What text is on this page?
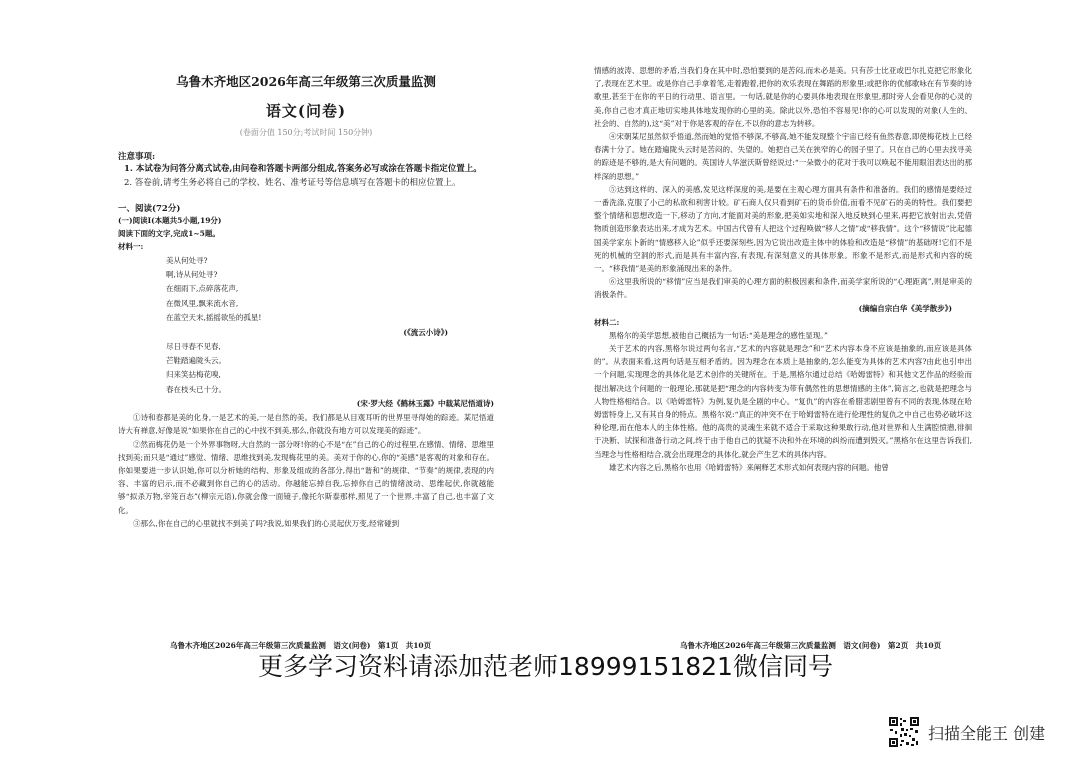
乌鲁木齐地区2026年高三年级第三次质量监测
语文(问卷)
(卷面分值 150分;考试时间 150分钟)
注意事项:
1. 本试卷为问答分离式试卷,由问卷和答题卡两部分组成,答案务必写或涂在答题卡指定位置上。
2. 答卷前,请考生务必将自己的学校、姓名、准考证号等信息填写在答题卡的相应位置上。
一、阅读(72分)
(一)阅读Ⅰ(本题共5小题,19分)
阅读下面的文字,完成1~5题。
材料一:
美从何处寻?
啊,诗从何处寻?
在细雨下,点碎落花声,
在微风里,飘来流水音,
在蓝空天末,摇摇欲坠的孤星!
(《流云小诗》)
尽日寻春不见春,
芒鞋踏遍陇头云。
归来笑拈梅花嗅,
春在枝头已十分。
(宋·罗大经《鹤林玉露》中载某尼悟道诗)

①诗和春都是美的化身,一是艺术的美,一是自然的美。我们都是从目观耳听的世界里寻得她的踪迹。某尼悟道诗大有禅意,好像是说“如果你在自己的心中找不到美,那么,你就没有地方可以发现美的踪迹”。

②然而梅花仍是一个外界事物呀,大自然的一部分呀!你的心不是“在”自己的心的过程里,在感情、情绪、思维里找到美;而只是“通过”感觉、情绪、思维找到美,发现梅花里的美。美对于你的心,你的“美感”是客观的对象和存在。你如果要进一步认识她,你可以分析她的结构、形象及组成的各部分,得出“谐和”的规律、“节奏”的规律,表现的内容、丰富的启示,而不必藏到你自己的心的活动。你越能忘掉自我,忘掉你自己的情绪波动、思维起伏,你就越能够“拟杀万物,宰笼百态”(柳宗元语),你就会像一面镜子,像托尔斯泰那样,照见了一个世界,丰富了自己,也丰富了文化。

③那么,你在自己的心里就找不到美了吗?我说,如果我们的心灵起伏万变,经常碰到

情感的波涛、思想的矛盾,当我们身在其中时,恐怕要到的是苦闷,而未必是美。只有莎士比亚或巴尔扎克把它形象化了,表现在艺术里。或是你自己手拿着笔,走着跑着,把你的欢乐表现在舞蹈的形象里;或把你的优郁歌咏在有节奏的诗歌里,甚至于在你的平日的行动里、语言里。一句话,就是你的心要具体地表现在形象里,那时旁人会看见你的心灵的美,你自己也才真正地切实地具体地发现你的心里的美。除此以外,恐怕不容易见!你的心可以发现的对象(人生的、社会的、自然的),这“美”对于你是客观的存在,不以你的意志为转移。

④宋朝某尼虽然似乎悟道,然而她的觉悟不够深,不够高,她不能发现整个宇宙已经有鱼然春意,即使梅花枝上已经春满十分了。她在踏遍陇头云时是苦闷的、失望的。她把自己关在狭窄的心的园子里了。只在自己的心里去找寻美的踪迹是不够的,是大有问题的。英国诗人华滋沃斯曾经说过:“一朵微小的花对于我可以唤起不能用眼泪表达出的那样深的思想。”

⑤达到这样的、深入的美感,发见这样深度的美,是要在主观心理方面具有条件和准备的。我们的感情是要经过一番洗涤,克服了小己的私欲和利害计较。矿石商人仅只看到矿石的货币价值,而看不见矿石的美的特性。我们要把整个情绪和思想改造一下,移动了方向,才能面对美的形象,把美如实地和深入地反映到心里来,再把它放射出去,凭借物质创造形象表达出来,才成为艺术。中国古代曾有人把这个过程唤做“移人之情”或“移我情”。这个“移情说”比起德国美学家东卜新的“情感移入论”似乎还要深刻些,因为它说出改造主体中的体验和改造是“移情”的基础呀!它们不是死的机械的空洞的形式,而是具有丰富内容,有表现,有深刻意义的具体形象。形象不是形式,而是形式和内容的统一。“移我情”是美的形象涌现出来的条件。

⑥这里我所说的“移情”应当是我们审美的心理方面的积极因素和条件,而美学家所说的“心理距离”,则是审美的消极条件。

(摘编自宗白华《美学散步》)
材料二:

黑格尔的美学思想,被他自己概括为一句话:“美是理念的感性显现。”

关于艺术的内容,黑格尔说过两句名言,“艺术的内容就是理念”和“艺术内容本身不应该是抽象的,而应该是具体的”。从表面来看,这两句话是互相矛盾的。因为理念在本质上是抽象的,怎么能变为具体的艺术内容?由此也引申出一个问题,实现理念的具体化是艺术创作的关键所在。于是,黑格尔通过总结《哈姆雷特》和其他文艺作品的经验而提出解决这个问题的一般理论,那就是把“理念的内容转变为带有偶然性的思想情感的主体”,简言之,也就是把理念与人物性格相结合。以《哈姆雷特》为例,复仇是全剧的中心。“复仇”的内容在希腊悲剧里曾有不同的表现,体现在哈姆雷特身上,又有其自身的特点。黑格尔说:“真正的冲突不在于哈姆雷特在进行伦理性的复仇之中自己也势必破坏这种伦理,而在他本人的主体性格。他的高贵的灵魂生来就不适合于采取这种果敢行动,他对世界和人生满腔愤懑,徘徊于决断、试探和准备行动之间,终于由于他自己的犹疑不决和外在环境的纠纷而遭到毁灭。”黑格尔在这里告诉我们,当理念与性格相结合,就会出现理念的具体化,就会产生艺术的具体内容。

雄艺术内容之后,黑格尔也用《哈姆雷特》来阐释艺术形式如何表现内容的问题。他曾

乌鲁木齐地区2026年高三年级第三次质量监测　语文(问卷)　第1页　共10页	乌鲁木齐地区2026年高三年级第三次质量监测　语文(问卷)　第2页　共10页
更多学习资料请添加范老师18999151821微信同号
扫描全能王 创建
